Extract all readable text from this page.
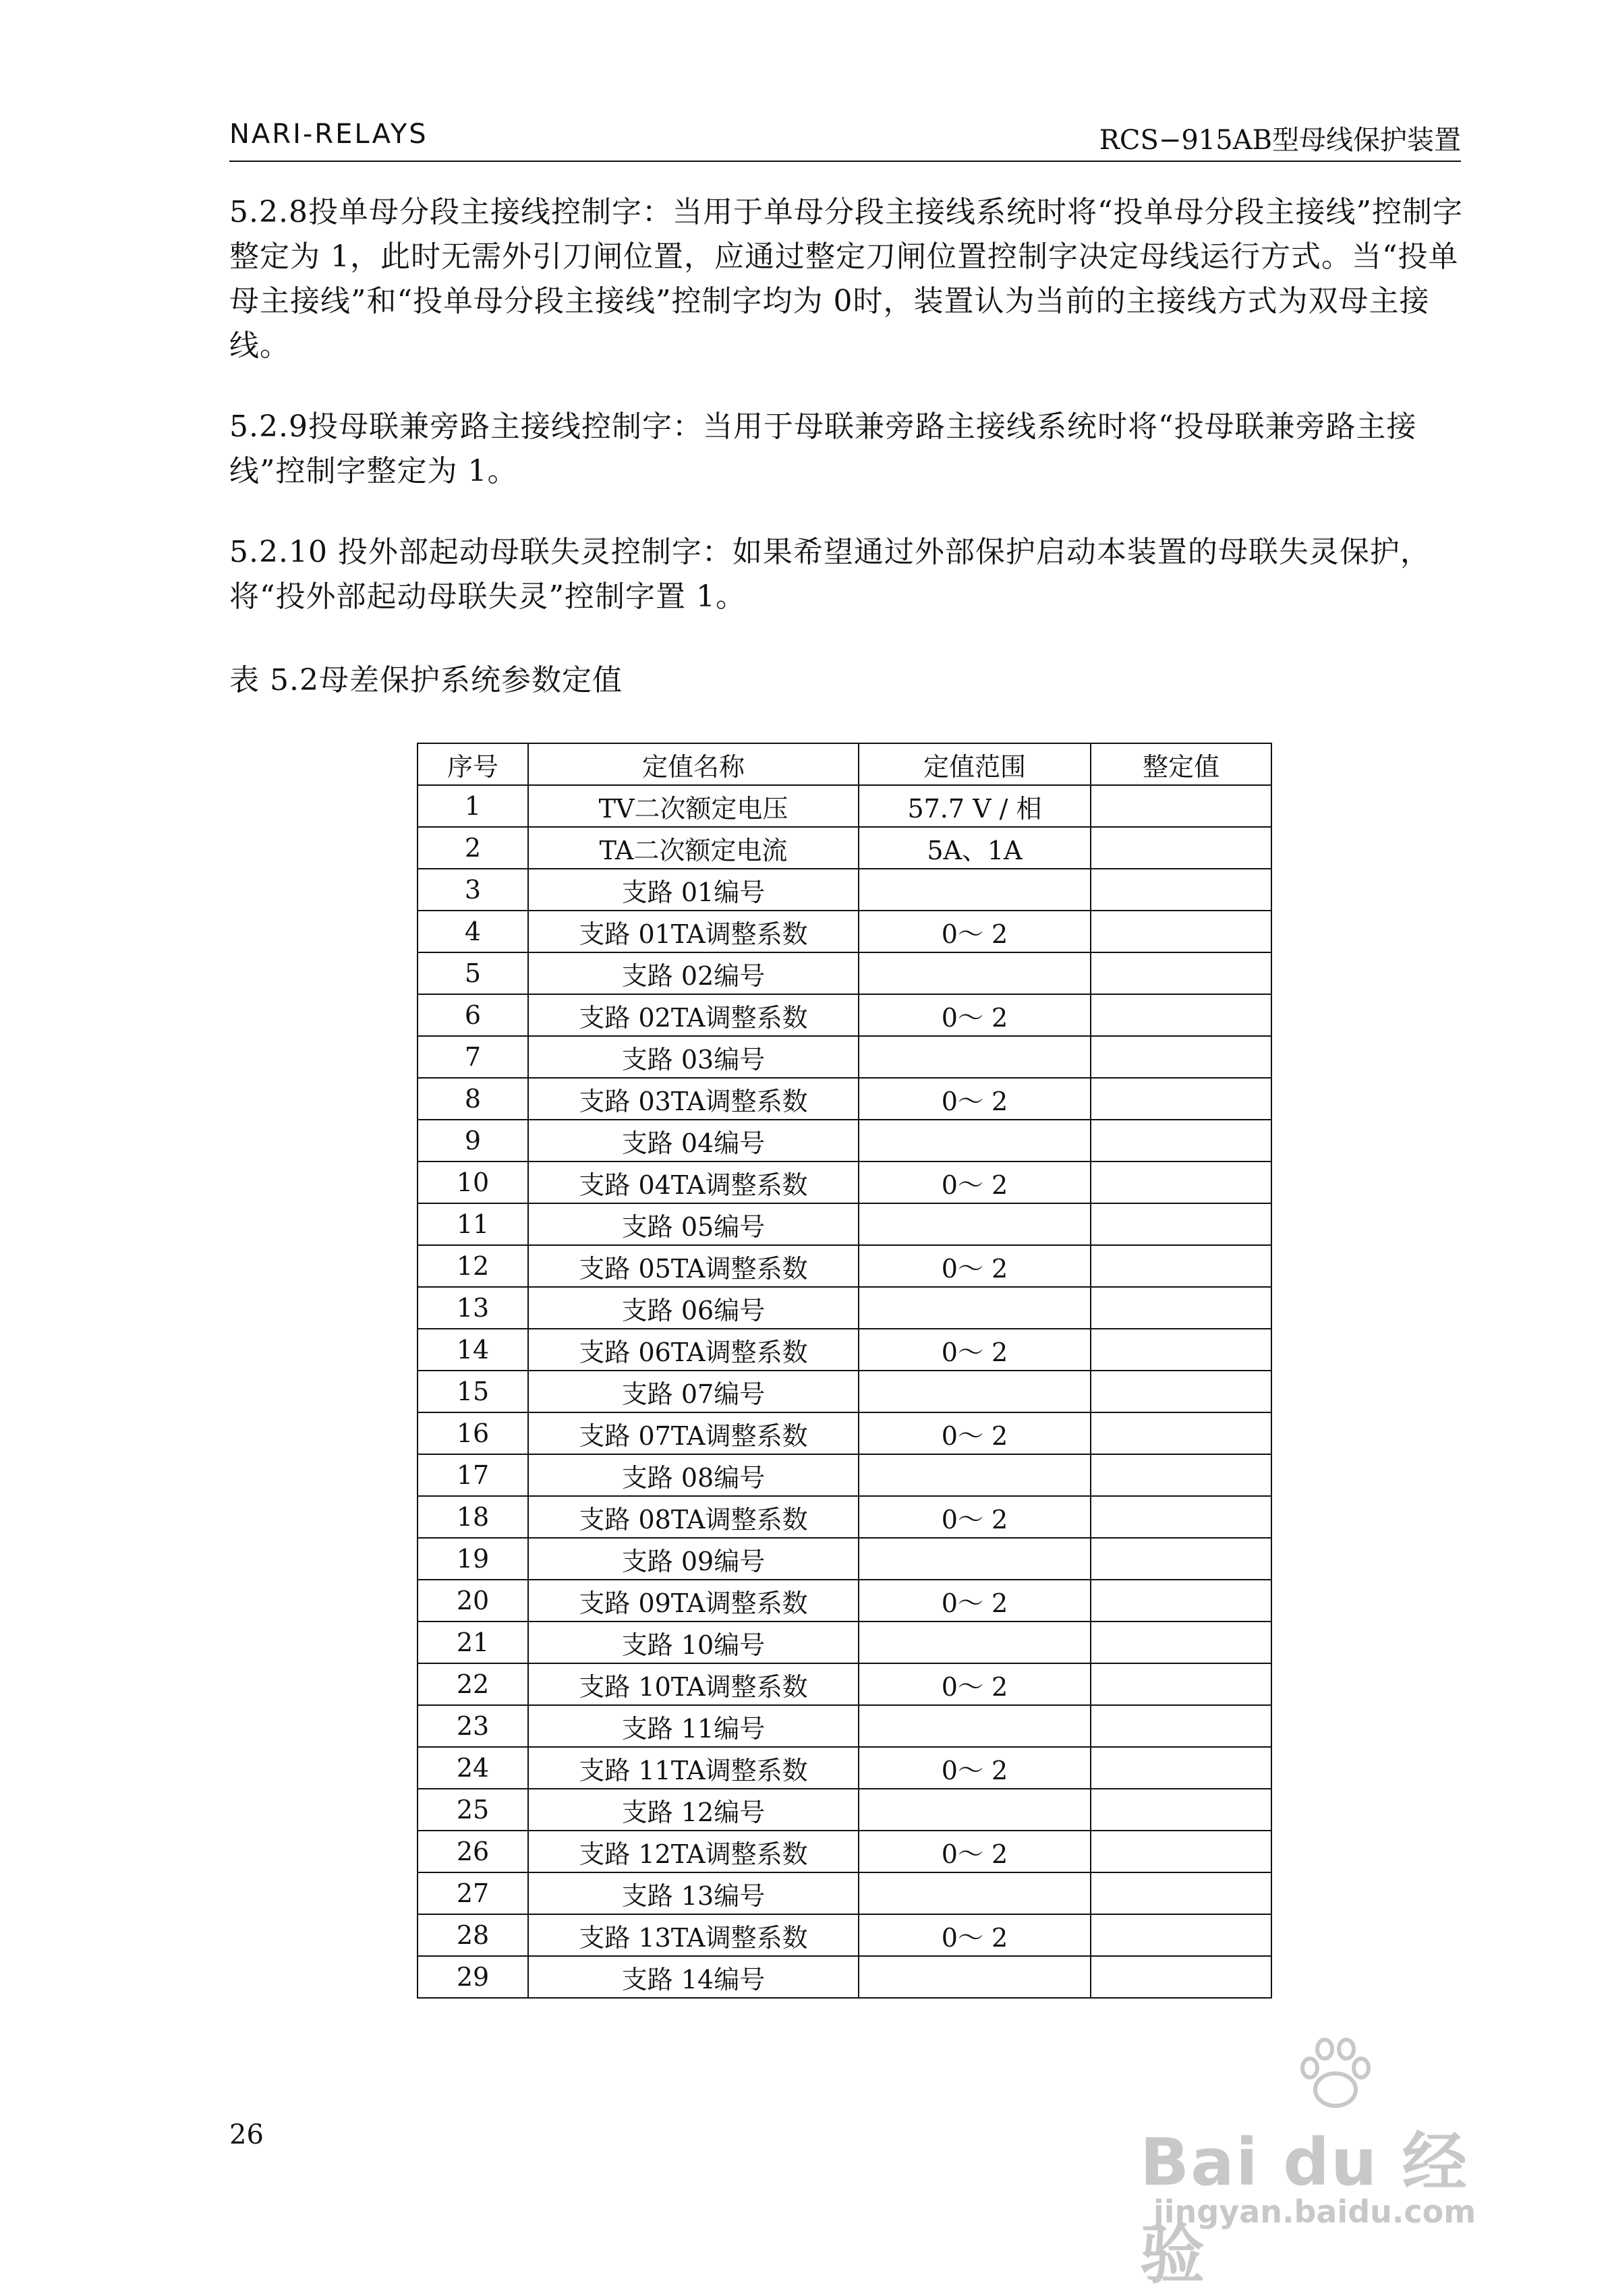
NARI-RELAYS	RCS−915AB型母线保护装置

5.2.8投单母分段主接线控制字：当用于单母分段主接线系统时将“投单母分段主接线”控制字整定为 1，此时无需外引刀闸位置，应通过整定刀闸位置控制字决定母线运行方式。当“投单母主接线”和“投单母分段主接线”控制字均为 0时，装置认为当前的主接线方式为双母主接线。

5.2.9投母联兼旁路主接线控制字：当用于母联兼旁路主接线系统时将“投母联兼旁路主接线”控制字整定为 1。

5.2.10 投外部起动母联失灵控制字：如果希望通过外部保护启动本装置的母联失灵保护，将“投外部起动母联失灵”控制字置 1。

表 5.2母差保护系统参数定值
序号	定值名称	定值范围	整定值
1	TV二次额定电压	57.7 V / 相	
2	TA二次额定电流	5A、1A	
3	支路 01编号		
4	支路 01TA调整系数	0～ 2	
5	支路 02编号		
6	支路 02TA调整系数	0～ 2	
7	支路 03编号		
8	支路 03TA调整系数	0～ 2	
9	支路 04编号		
10	支路 04TA调整系数	0～ 2	
11	支路 05编号		
12	支路 05TA调整系数	0～ 2	
13	支路 06编号		
14	支路 06TA调整系数	0～ 2	
15	支路 07编号		
16	支路 07TA调整系数	0～ 2	
17	支路 08编号		
18	支路 08TA调整系数	0～ 2	
19	支路 09编号		
20	支路 09TA调整系数	0～ 2	
21	支路 10编号		
22	支路 10TA调整系数	0～ 2	
23	支路 11编号		
24	支路 11TA调整系数	0～ 2	
25	支路 12编号		
26	支路 12TA调整系数	0～ 2	
27	支路 13编号		
28	支路 13TA调整系数	0～ 2	
29	支路 14编号		
26	Bai du 经验
jingyan.baidu.com
